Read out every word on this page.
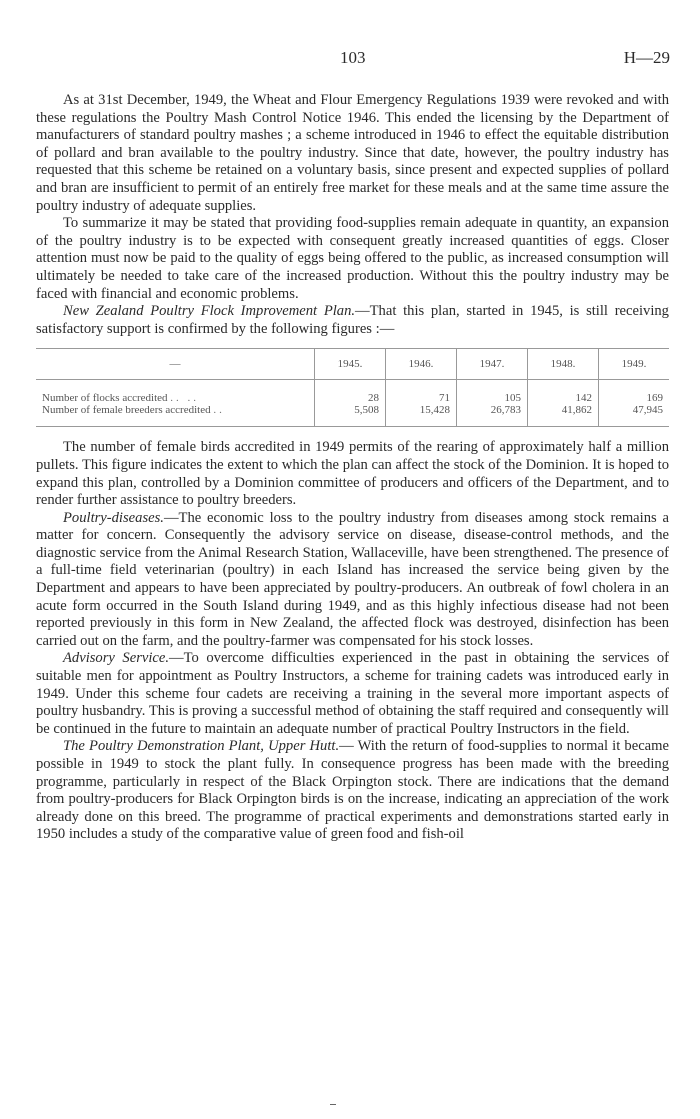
103	H—29

As at 31st December, 1949, the Wheat and Flour Emergency Regulations 1939 were revoked and with these regulations the Poultry Mash Control Notice 1946. This ended the licensing by the Department of manufacturers of standard poultry mashes ; a scheme introduced in 1946 to effect the equitable distribution of pollard and bran available to the poultry industry. Since that date, however, the poultry industry has requested that this scheme be retained on a voluntary basis, since present and expected supplies of pollard and bran are insufficient to permit of an entirely free market for these meals and at the same time assure the poultry industry of adequate supplies.

To summarize it may be stated that providing food-supplies remain adequate in quantity, an expansion of the poultry industry is to be expected with consequent greatly increased quantities of eggs. Closer attention must now be paid to the quality of eggs being offered to the public, as increased consumption will ultimately be needed to take care of the increased production. Without this the poultry industry may be faced with financial and economic problems.

New Zealand Poultry Flock Improvement Plan.—That this plan, started in 1945, is still receiving satisfactory support is confirmed by the following figures :—

—	1945.	1946.	1947.	1948.	1949.
Number of flocks accredited .. ..	28	71	105	142	169
Number of female breeders accredited ..	5,508	15,428	26,783	41,862	47,945

The number of female birds accredited in 1949 permits of the rearing of approximately half a million pullets. This figure indicates the extent to which the plan can affect the stock of the Dominion. It is hoped to expand this plan, controlled by a Dominion committee of producers and officers of the Department, and to render further assistance to poultry breeders.

Poultry-diseases.—The economic loss to the poultry industry from diseases among stock remains a matter for concern. Consequently the advisory service on disease, disease-control methods, and the diagnostic service from the Animal Research Station, Wallaceville, have been strengthened. The presence of a full-time field veterinarian (poultry) in each Island has increased the service being given by the Department and appears to have been appreciated by poultry-producers. An outbreak of fowl cholera in an acute form occurred in the South Island during 1949, and as this highly infectious disease had not been reported previously in this form in New Zealand, the affected flock was destroyed, disinfection has been carried out on the farm, and the poultry-farmer was compensated for his stock losses.

Advisory Service.—To overcome difficulties experienced in the past in obtaining the services of suitable men for appointment as Poultry Instructors, a scheme for training cadets was introduced early in 1949. Under this scheme four cadets are receiving a training in the several more important aspects of poultry husbandry. This is proving a successful method of obtaining the staff required and consequently will be continued in the future to maintain an adequate number of practical Poultry Instructors in the field.

The Poultry Demonstration Plant, Upper Hutt.— With the return of food-supplies to normal it became possible in 1949 to stock the plant fully. In consequence progress has been made with the breeding programme, particularly in respect of the Black Orpington stock. There are indications that the demand from poultry-producers for Black Orpington birds is on the increase, indicating an appreciation of the work already done on this breed. The programme of practical experiments and demonstrations started early in 1950 includes a study of the comparative value of green food and fish-oil
